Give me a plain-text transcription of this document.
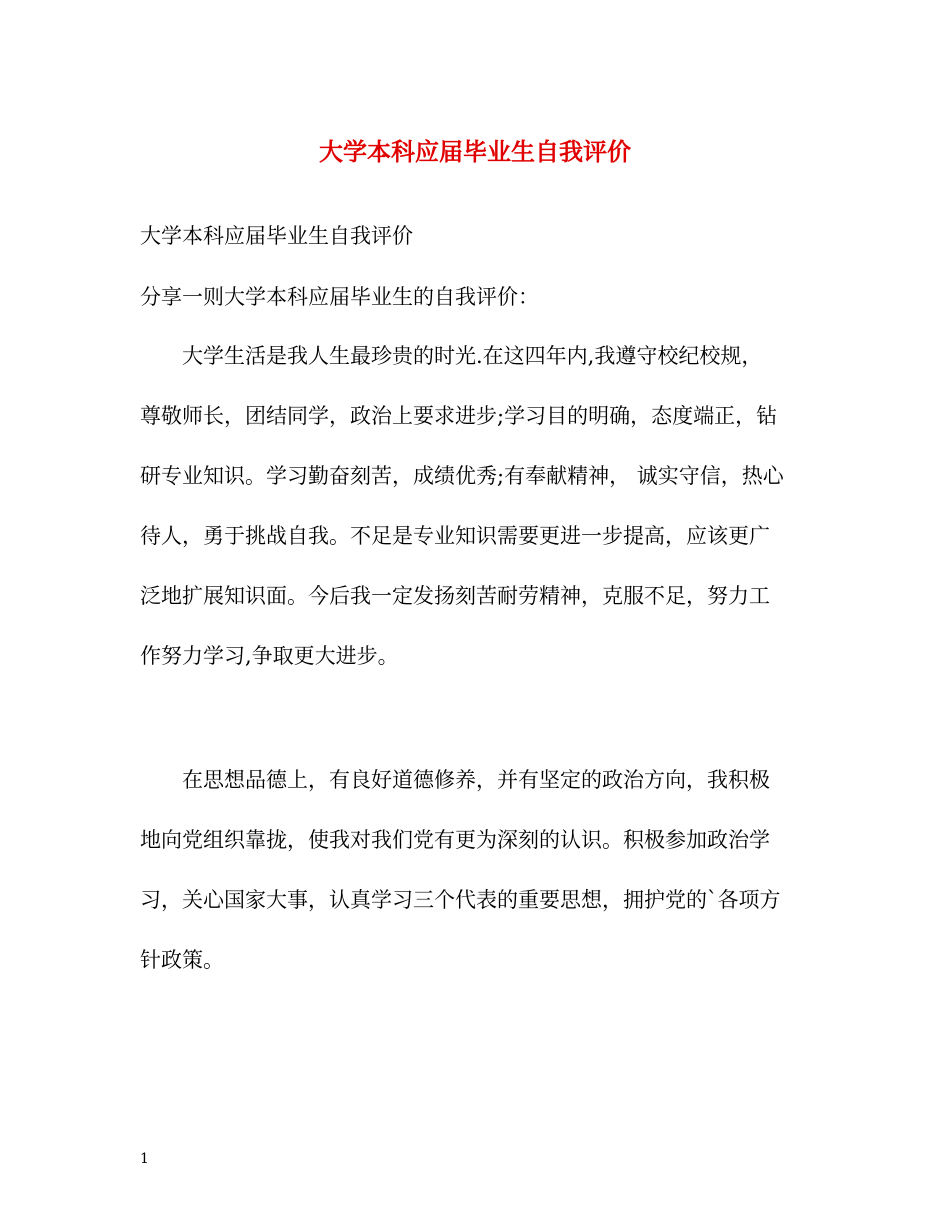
大学本科应届毕业生自我评价

大学本科应届毕业生自我评价

分享一则大学本科应届毕业生的自我评价：

大学生活是我人生最珍贵的时光.在这四年内,我遵守校纪校规，
尊敬师长，团结同学，政治上要求进步;学习目的明确，态度端正，钻
研专业知识。学习勤奋刻苦，成绩优秀;有奉献精神， 诚实守信，热心
待人，勇于挑战自我。不足是专业知识需要更进一步提高，应该更广
泛地扩展知识面。今后我一定发扬刻苦耐劳精神，克服不足，努力工
作努力学习,争取更大进步。
在思想品德上，有良好道德修养，并有坚定的政治方向，我积极
地向党组织靠拢，使我对我们党有更为深刻的认识。积极参加政治学
习，关心国家大事，认真学习三个代表的重要思想，拥护党的`各项方
针政策。

1
